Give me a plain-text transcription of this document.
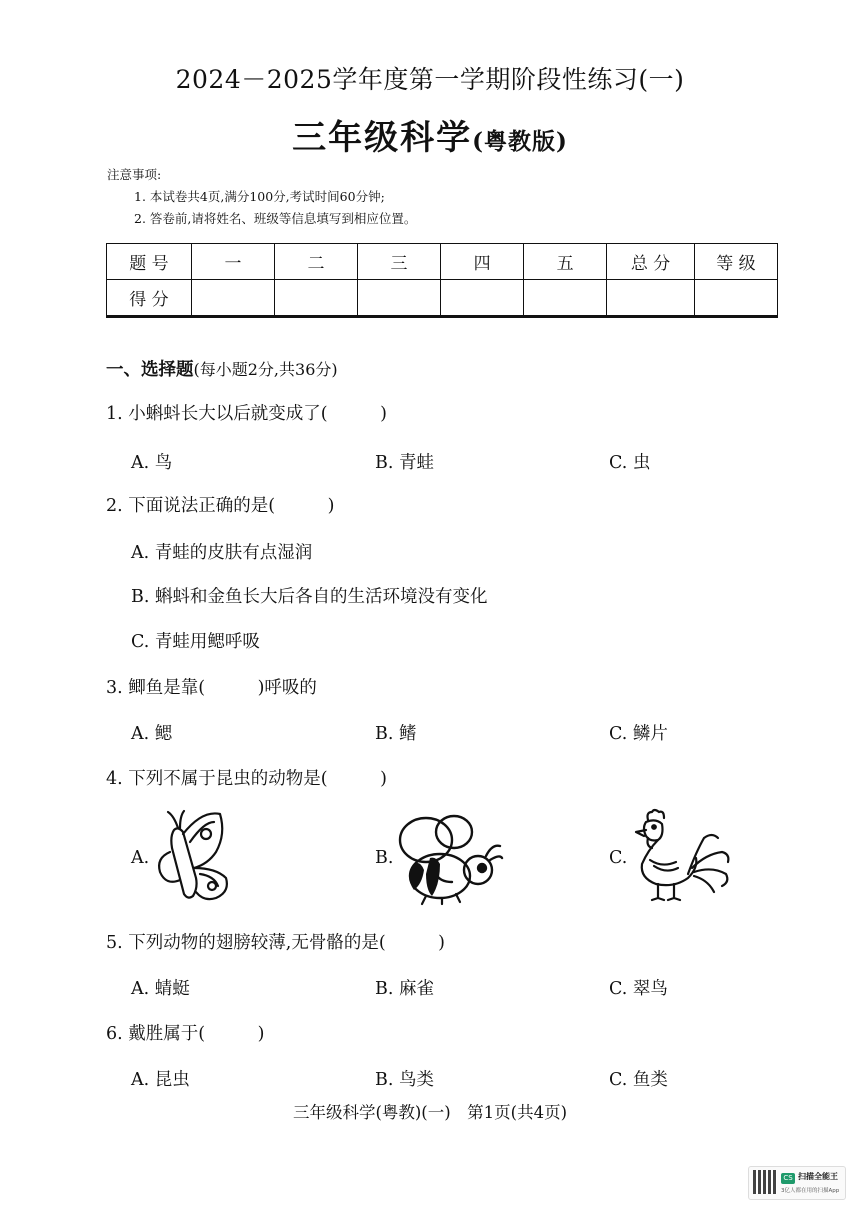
2024－2025学年度第一学期阶段性练习(一)
三年级科学(粤教版)
注意事项:
1. 本试卷共4页,满分100分,考试时间60分钟;
2. 答卷前,请将姓名、班级等信息填写到相应位置。
题 号	一	二	三	四	五	总 分	等 级
得 分							
一、选择题(每小题2分,共36分)
1. 小蝌蚪长大以后就变成了(　　　)
A. 鸟	B. 青蛙	C. 虫
2. 下面说法正确的是(　　　)
A. 青蛙的皮肤有点湿润
B. 蝌蚪和金鱼长大后各自的生活环境没有变化
C. 青蛙用鳃呼吸
3. 鲫鱼是靠(　　　)呼吸的
A. 鳃	B. 鳍	C. 鳞片
4. 下列不属于昆虫的动物是(　　　)
A.	B.	C.
5. 下列动物的翅膀较薄,无骨骼的是(　　　)
A. 蜻蜓	B. 麻雀	C. 翠鸟
6. 戴胜属于(　　　)
A. 昆虫	B. 鸟类	C. 鱼类
三年级科学(粤教)(一)　第1页(共4页)
CS 扫描全能王
3亿人都在用的扫描App
